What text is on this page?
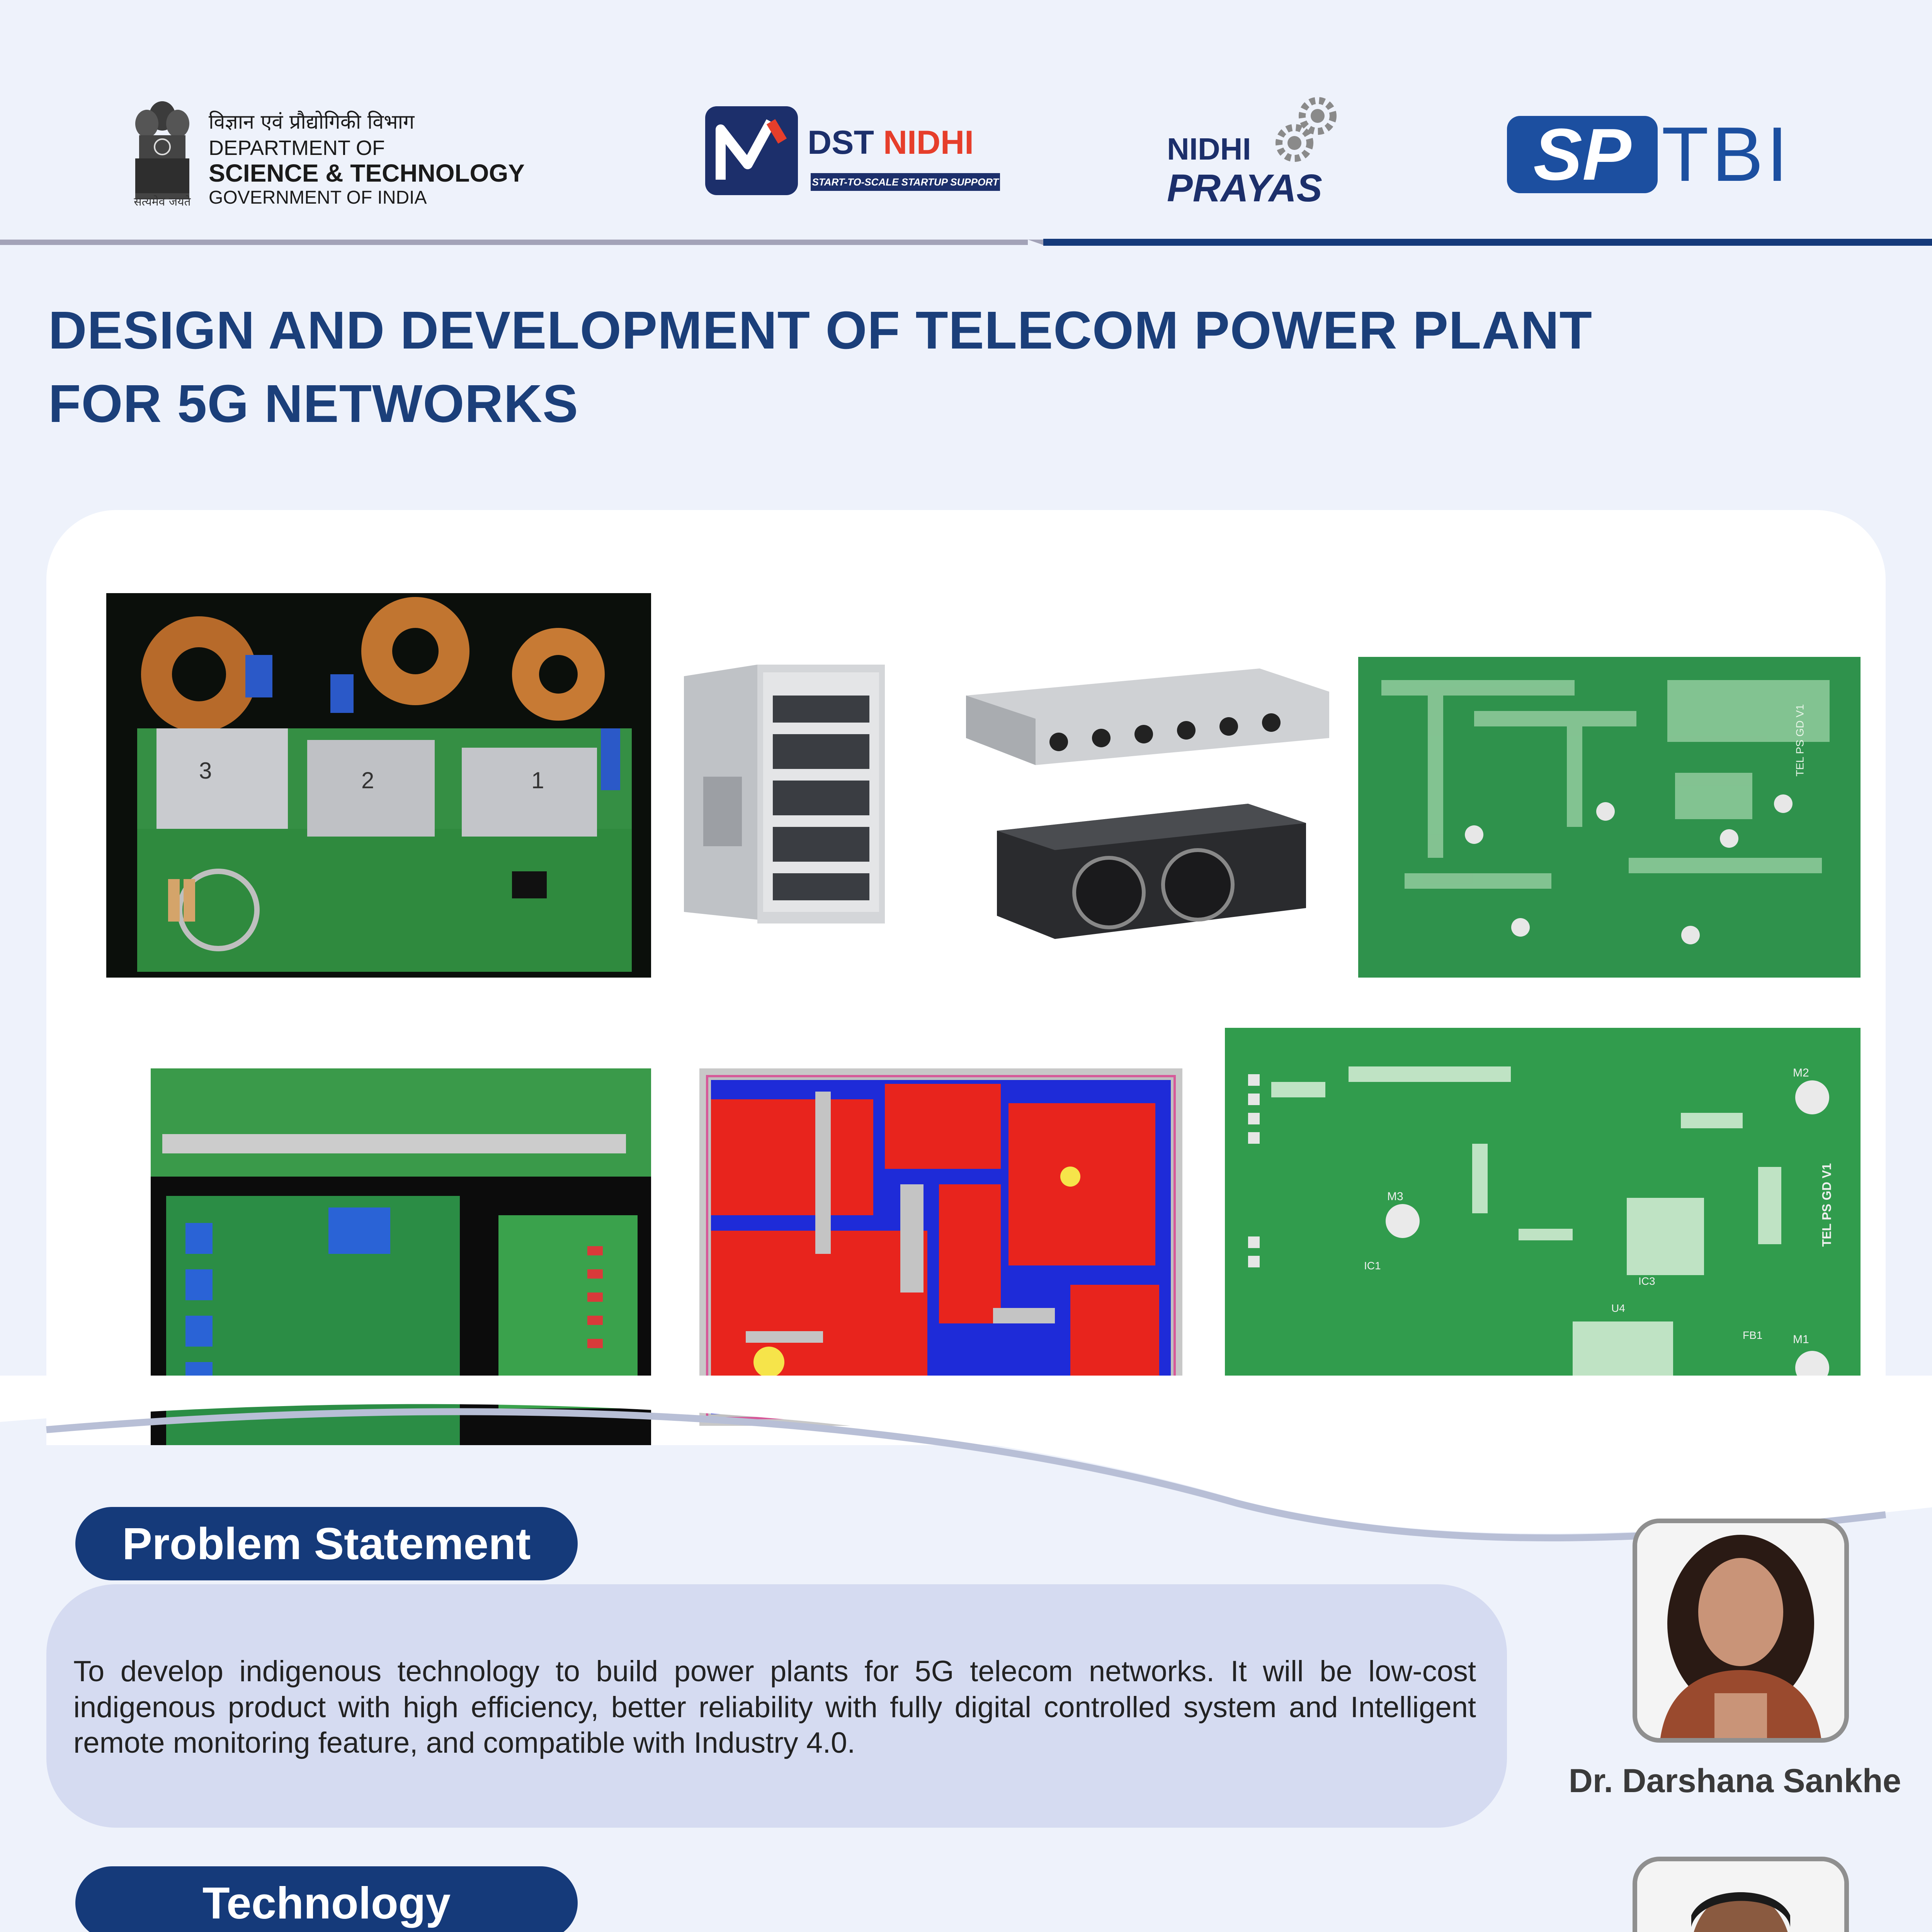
सत्यमेव जयते
विज्ञान एवं प्रौद्योगिकी विभाग
DEPARTMENT OF
SCIENCE & TECHNOLOGY
GOVERNMENT OF INDIA
DST NIDHI
START-TO-SCALE STARTUP SUPPORT
NIDHI
PRAYAS	SP TBI
DESIGN AND DEVELOPMENT OF TELECOM POWER PLANT
FOR 5G NETWORKS
3	2	1
TEL PS GD V1
M2
M3
M1
IC1
IC3
U4
FB1
TEL PS GD V1
Problem Statement
To develop indigenous technology to build power plants for 5G telecom networks. It will be low-cost indigenous product with high efficiency, better reliability with fully digital controlled system and Intelligent remote monitoring feature, and compatible with Industry 4.0.
Technology
Dr. Darshana Sankhe
